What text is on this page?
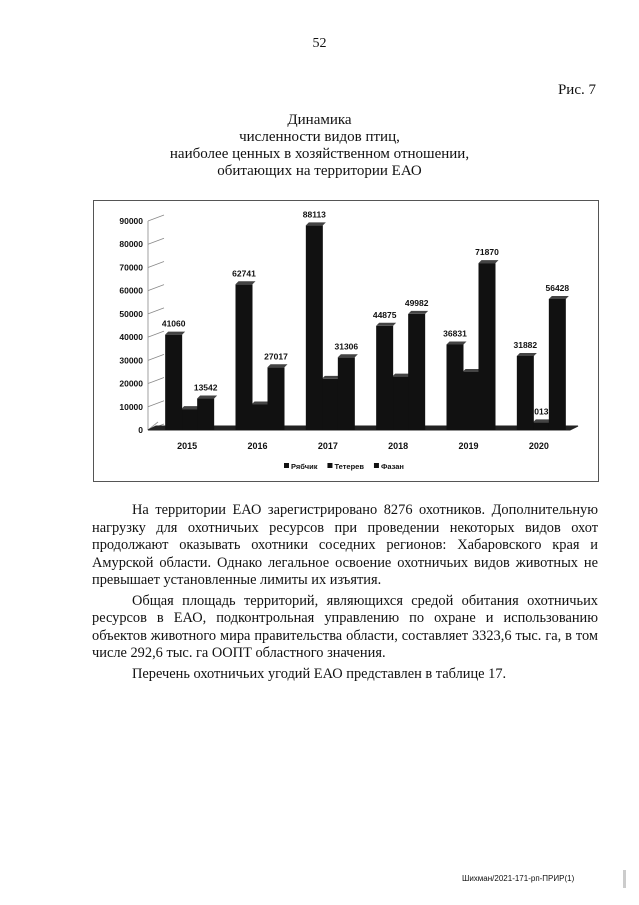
52
Рис. 7
Динамика
численности видов птиц,
наиболее ценных в хозяйственном отношении,
обитающих на территории ЕАО
0
10000
20000
30000
40000
50000
60000
70000
80000
90000
2015	2016	2017	2018	2019	2020
41060
13542
62741
27017
88113
31306
44875
49982
36831
71870
31882
013
56428
Рябчик Тетерев Фазан

На территории ЕАО зарегистрировано 8276 охотников. Дополнительную нагрузку для охотничьих ресурсов при проведении некоторых видов охот продолжают оказывать охотники соседних регионов: Хабаровского края и Амурской области. Однако легальное освоение охотничьих видов животных не превышает установленные лимиты их изъятия.

Общая площадь территорий, являющихся средой обитания охотничьих ресурсов в ЕАО, подконтрольная управлению по охране и использованию объектов животного мира правительства области, составляет 3323,6 тыс. га, в том числе 292,6 тыс. га ООПТ областного значения.

Перечень охотничьих угодий ЕАО представлен в таблице 17.

Шихман/2021-171-рп-ПРИР(1)
